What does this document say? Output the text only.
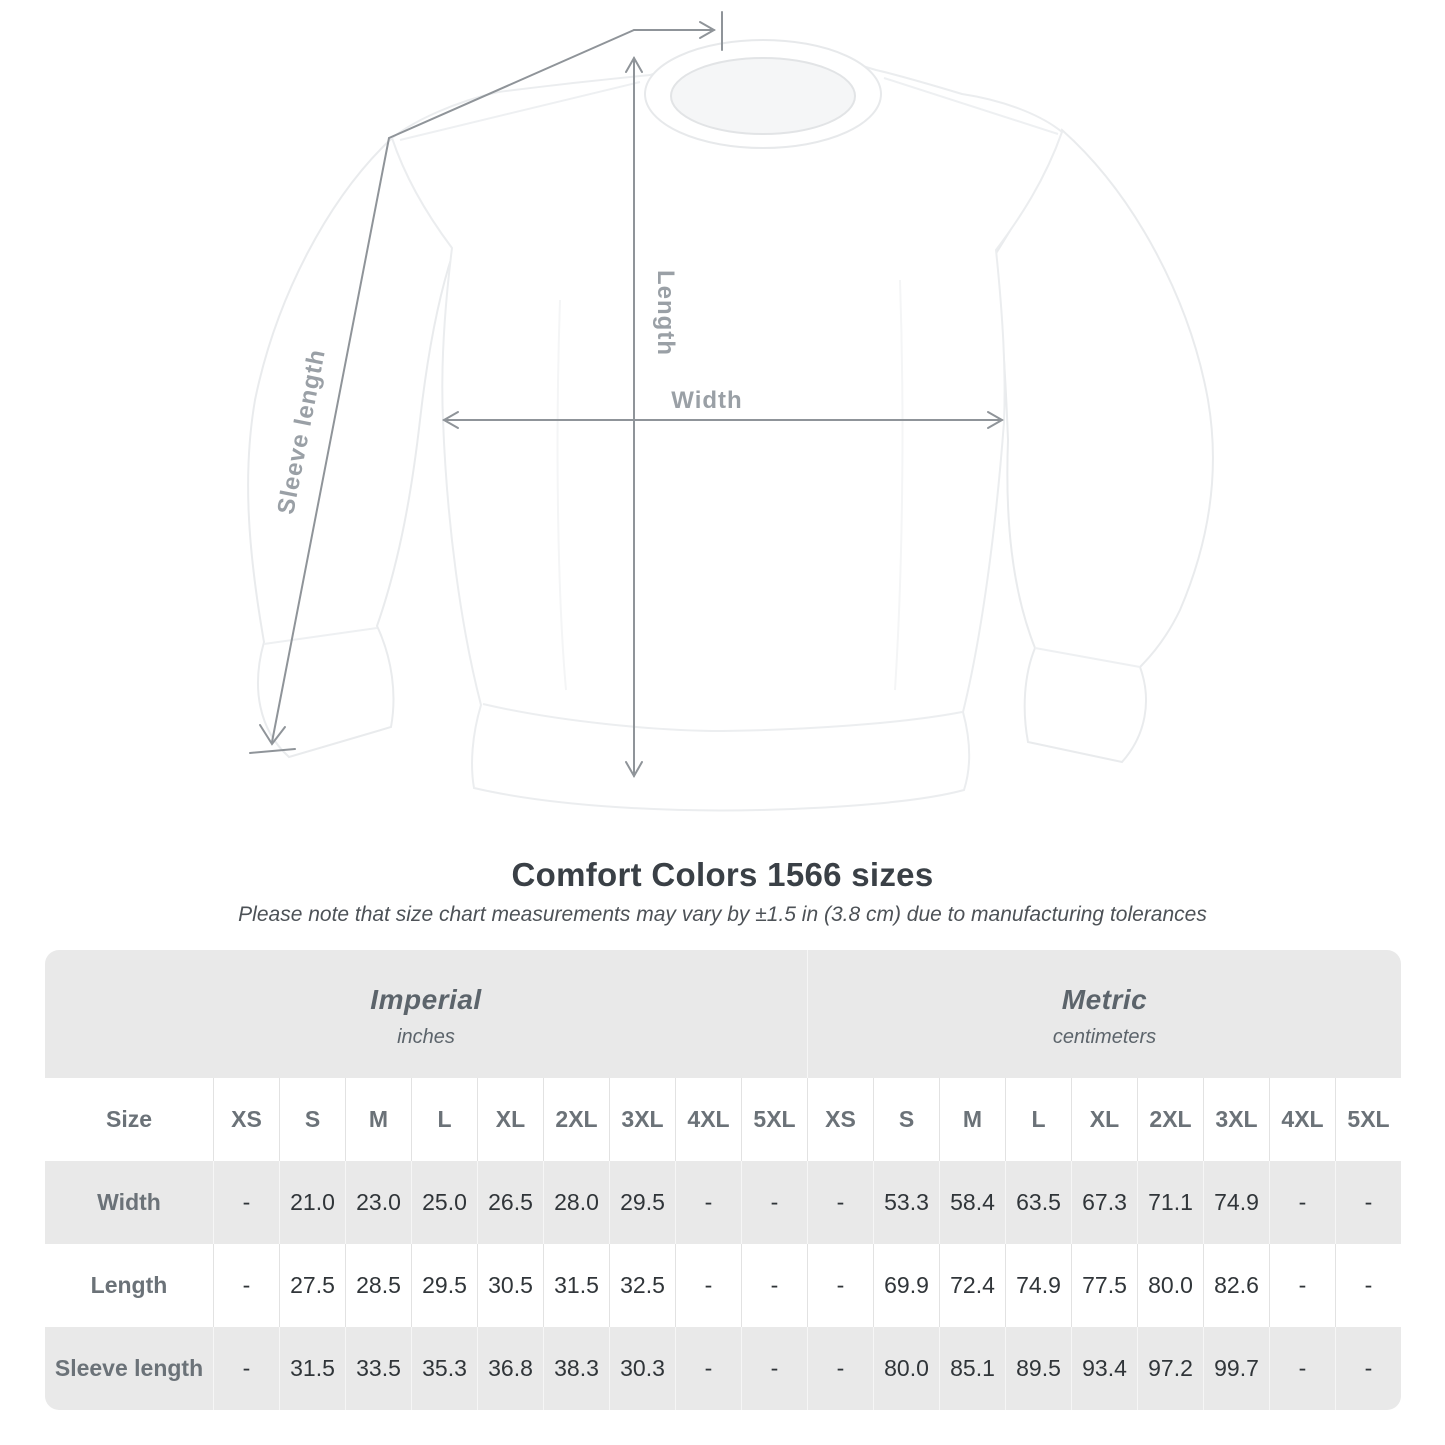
Length
Width
Sleeve length
Comfort Colors 1566 sizes
Please note that size chart measurements may vary by ±1.5 in (3.8 cm) due to manufacturing tolerances
Imperial
inches
Metric
centimeters
Size	XS S M L XL 2XL 3XL 4XL 5XL XS S M L XL 2XL 3XL 4XL 5XL
Width	- 21.0 23.0 25.0 26.5 28.0 29.5 -	-	- 53.3 58.4 63.5 67.3 71.1 74.9 -	-
Length	- 27.5 28.5 29.5 30.5 31.5 32.5 -	-	- 69.9 72.4 74.9 77.5 80.0 82.6 -	-
Sleeve length - 31.5 33.5 35.3 36.8 38.3 30.3 -	-	- 80.0 85.1 89.5 93.4 97.2 99.7 -	-
